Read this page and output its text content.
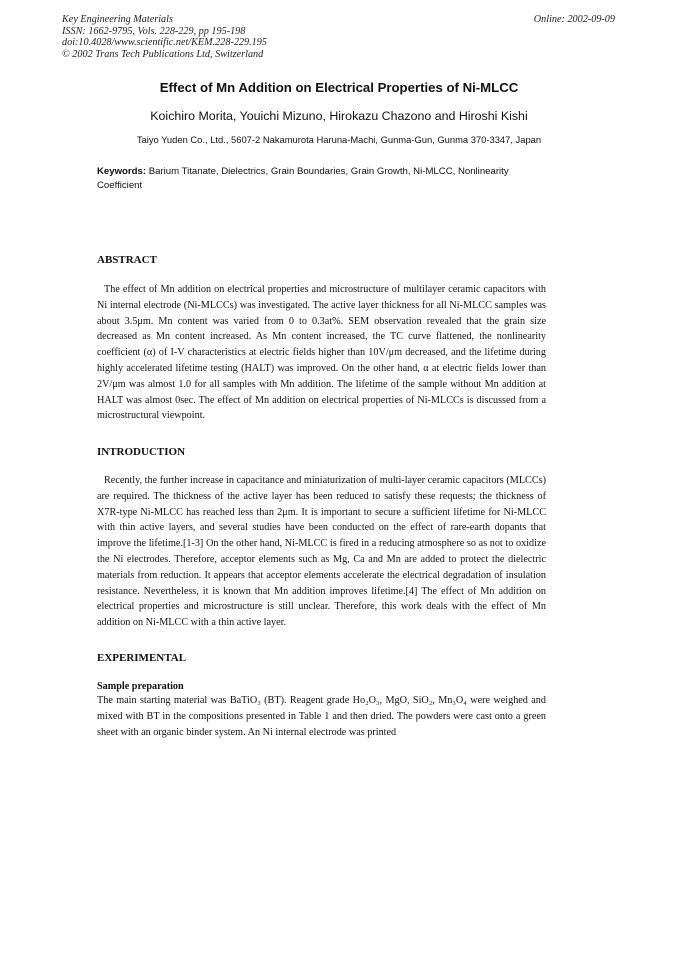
Key Engineering Materials
ISSN: 1662-9795, Vols. 228-229, pp 195-198
doi:10.4028/www.scientific.net/KEM.228-229.195
© 2002 Trans Tech Publications Ltd, Switzerland
Online: 2002-09-09
Effect of Mn Addition on Electrical Properties of Ni-MLCC
Koichiro Morita, Youichi Mizuno, Hirokazu Chazono and Hiroshi Kishi
Taiyo Yuden Co., Ltd., 5607-2 Nakamurota Haruna-Machi, Gunma-Gun, Gunma 370-3347, Japan
Keywords: Barium Titanate, Dielectrics, Grain Boundaries, Grain Growth, Ni-MLCC, Nonlinearity Coefficient
ABSTRACT
The effect of Mn addition on electrical properties and microstructure of multilayer ceramic capacitors with Ni internal electrode (Ni-MLCCs) was investigated. The active layer thickness for all Ni-MLCC samples was about 3.5μm. Mn content was varied from 0 to 0.3at%. SEM observation revealed that the grain size decreased as Mn content increased. As Mn content increased, the TC curve flattened, the nonlinearity coefficient (α) of I-V characteristics at electric fields higher than 10V/μm decreased, and the lifetime during highly accelerated lifetime testing (HALT) was improved. On the other hand, α at electric fields lower than 2V/μm was almost 1.0 for all samples with Mn addition. The lifetime of the sample without Mn addition at HALT was almost 0sec. The effect of Mn addition on electrical properties of Ni-MLCCs is discussed from a microstructural viewpoint.
INTRODUCTION
Recently, the further increase in capacitance and miniaturization of multi-layer ceramic capacitors (MLCCs) are required. The thickness of the active layer has been reduced to satisfy these requests; the thickness of X7R-type Ni-MLCC has reached less than 2μm. It is important to secure a sufficient lifetime for Ni-MLCC with thin active layers, and several studies have been conducted on the effect of rare-earth dopants that improve the lifetime.[1-3] On the other hand, Ni-MLCC is fired in a reducing atmosphere so as not to oxidize the Ni electrodes. Therefore, acceptor elements such as Mg, Ca and Mn are added to protect the dielectric materials from reduction. It appears that acceptor elements accelerate the electrical degradation of insulation resistance. Nevertheless, it is known that Mn addition improves lifetime.[4] The effect of Mn addition on electrical properties and microstructure is still unclear. Therefore, this work deals with the effect of Mn addition on Ni-MLCC with a thin active layer.
EXPERIMENTAL
Sample preparation
The main starting material was BaTiO₃ (BT). Reagent grade Ho₂O₃, MgO, SiO₂, Mn₃O₄ were weighed and mixed with BT in the compositions presented in Table 1 and then dried. The powders were cast onto a green sheet with an organic binder system. An Ni internal electrode was printed
